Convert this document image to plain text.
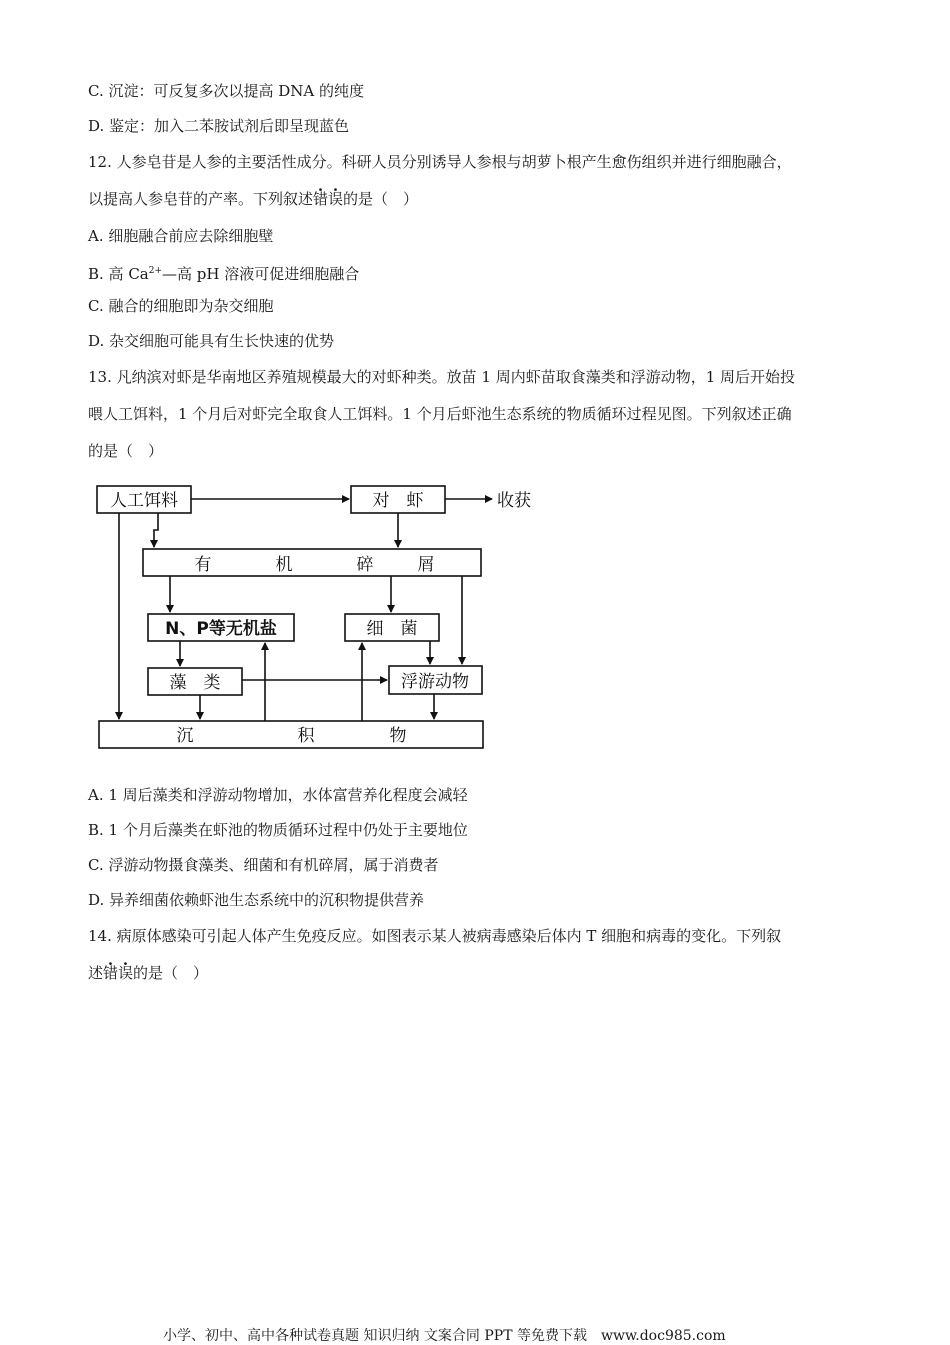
C. 沉淀：可反复多次以提高 DNA 的纯度
D. 鉴定：加入二苯胺试剂后即呈现蓝色
12. 人参皂苷是人参的主要活性成分。科研人员分别诱导人参根与胡萝卜根产生愈伤组织并进行细胞融合，
以提高人参皂苷的产率。下列叙述错误的是（　）
A. 细胞融合前应去除细胞壁
B. 高 $Ca^{2+}—$高 pH 溶液可促进细胞融合
C. 融合的细胞即为杂交细胞
D. 杂交细胞可能具有生长快速的优势
13. 凡纳滨对虾是华南地区养殖规模最大的对虾种类。放苗 1 周内虾苗取食藻类和浮游动物，1 周后开始投
喂人工饵料，1 个月后对虾完全取食人工饵料。1 个月后虾池生态系统的物质循环过程见图。下列叙述正确
的是（　）
人工饵料	对　虾	收获
有	机	碎	屑
N、P等无机盐	细　菌
藻　类	浮游动物
沉	积	物
A. 1 周后藻类和浮游动物增加，水体富营养化程度会减轻
B. 1 个月后藻类在虾池的物质循环过程中仍处于主要地位
C. 浮游动物摄食藻类、细菌和有机碎屑，属于消费者
D. 异养细菌依赖虾池生态系统中的沉积物提供营养
14. 病原体感染可引起人体产生免疫反应。如图表示某人被病毒感染后体内 T 细胞和病毒的变化。下列叙
述错误的是（　）
小学、初中、高中各种试卷真题 知识归纳 文案合同 PPT 等免费下载　 www.doc985.com
